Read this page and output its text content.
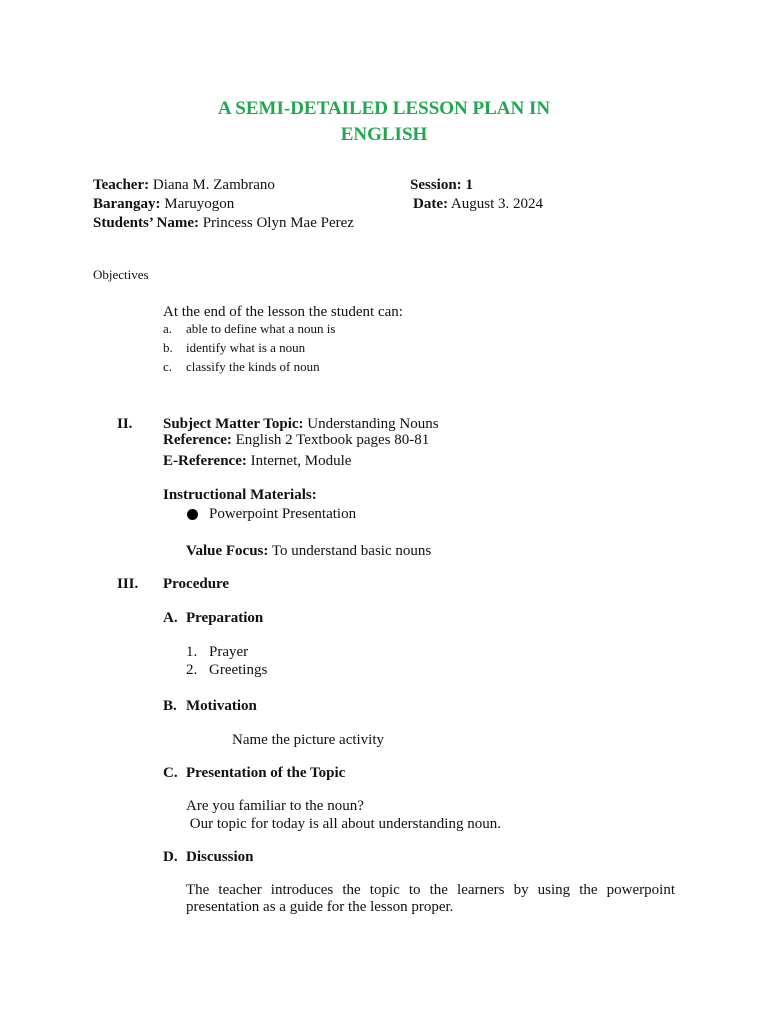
A SEMI-DETAILED LESSON PLAN IN
ENGLISH
Teacher: Diana M. Zambrano	Session: 1
Barangay: Maruyogon	Date: August 3. 2024
Students’ Name: Princess Olyn Mae Perez
Objectives
At the end of the lesson the student can:
a. able to define what a noun is
b. identify what is a noun
c. classify the kinds of noun
II. Subject Matter Topic: Understanding Nouns
Reference: English 2 Textbook pages 80-81
E-Reference: Internet, Module
Instructional Materials:
Powerpoint Presentation
Value Focus: To understand basic nouns
III. Procedure
A. Preparation
1. Prayer
2. Greetings
B. Motivation
Name the picture activity
C. Presentation of the Topic
Are you familiar to the noun?
Our topic for today is all about understanding noun.
D. Discussion
The teacher introduces the topic to the learners by using the powerpoint presentation as a guide for the lesson proper.
